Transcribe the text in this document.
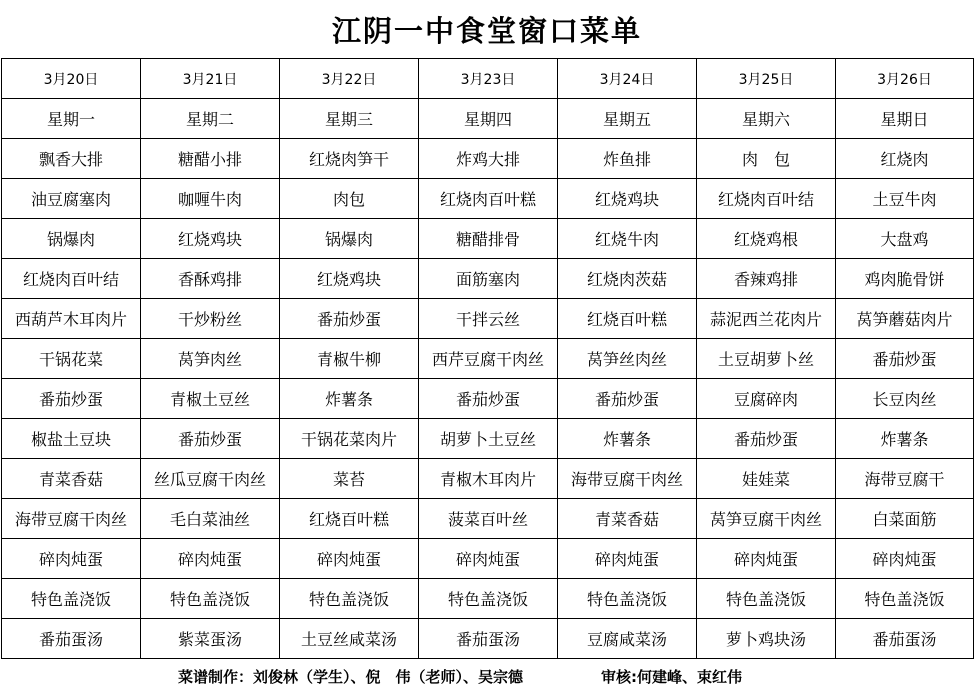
江阴一中食堂窗口菜单
3月20日	3月21日	3月22日	3月23日	3月24日	3月25日	3月26日
星期一	星期二	星期三	星期四	星期五	星期六	星期日
飘香大排	糖醋小排	红烧肉笋干	炸鸡大排	炸鱼排	肉　包	红烧肉
油豆腐塞肉	咖喱牛肉	肉包	红烧肉百叶糕	红烧鸡块	红烧肉百叶结	土豆牛肉
锅爆肉	红烧鸡块	锅爆肉	糖醋排骨	红烧牛肉	红烧鸡根	大盘鸡
红烧肉百叶结	香酥鸡排	红烧鸡块	面筋塞肉	红烧肉茨菇	香辣鸡排	鸡肉脆骨饼
西葫芦木耳肉片	干炒粉丝	番茄炒蛋	干拌云丝	红烧百叶糕	蒜泥西兰花肉片	莴笋蘑菇肉片
干锅花菜	莴笋肉丝	青椒牛柳	西芹豆腐干肉丝	莴笋丝肉丝	土豆胡萝卜丝	番茄炒蛋
番茄炒蛋	青椒土豆丝	炸薯条	番茄炒蛋	番茄炒蛋	豆腐碎肉	长豆肉丝
椒盐土豆块	番茄炒蛋	干锅花菜肉片	胡萝卜土豆丝	炸薯条	番茄炒蛋	炸薯条
青菜香菇	丝瓜豆腐干肉丝	菜苔	青椒木耳肉片	海带豆腐干肉丝	娃娃菜	海带豆腐干
海带豆腐干肉丝	毛白菜油丝	红烧百叶糕	菠菜百叶丝	青菜香菇	莴笋豆腐干肉丝	白菜面筋
碎肉炖蛋	碎肉炖蛋	碎肉炖蛋	碎肉炖蛋	碎肉炖蛋	碎肉炖蛋	碎肉炖蛋
特色盖浇饭	特色盖浇饭	特色盖浇饭	特色盖浇饭	特色盖浇饭	特色盖浇饭	特色盖浇饭
番茄蛋汤	紫菜蛋汤	土豆丝咸菜汤	番茄蛋汤	豆腐咸菜汤	萝卜鸡块汤	番茄蛋汤
菜谱制作：刘俊林（学生）、倪　伟（老师）、吴宗德	审核:何建峰、束红伟
